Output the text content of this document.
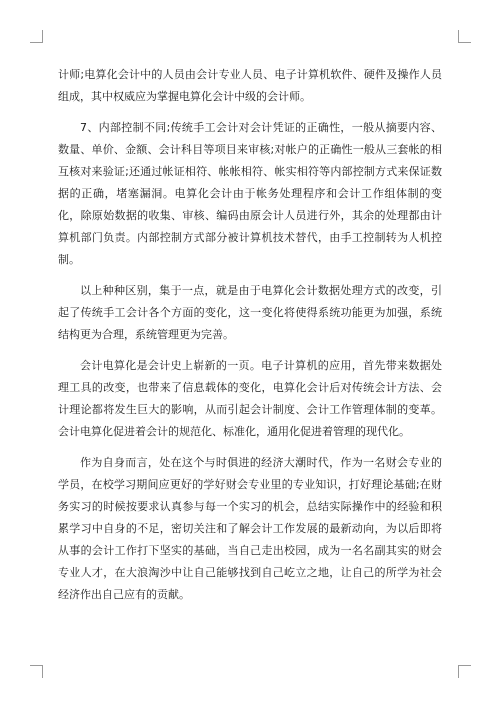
计师;电算化会计中的人员由会计专业人员、电子计算机软件、硬件及操作人员组成，其中权威应为掌握电算化会计中级的会计师。

7、内部控制不同;传统手工会计对会计凭证的正确性，一般从摘要内容、数量、单价、金额、会计科目等项目来审核;对帐户的正确性一般从三套帐的相互核对来验证;还通过帐证相符、帐帐相符、帐实相符等内部控制方式来保证数据的正确，堵塞漏洞。电算化会计由于帐务处理程序和会计工作组体制的变化，除原始数据的收集、审核、编码由原会计人员进行外，其余的处理都由计算机部门负责。内部控制方式部分被计算机技术替代，由手工控制转为人机控制。

以上种种区别，集于一点，就是由于电算化会计数据处理方式的改变，引起了传统手工会计各个方面的变化，这一变化将使得系统功能更为加强，系统结构更为合理，系统管理更为完善。

会计电算化是会计史上崭新的一页。电子计算机的应用，首先带来数据处理工具的改变，也带来了信息载体的变化，电算化会计后对传统会计方法、会计理论都将发生巨大的影响，从而引起会计制度、会计工作管理体制的变革。会计电算化促进着会计的规范化、标准化，通用化促进着管理的现代化。

作为自身而言，处在这个与时俱进的经济大潮时代，作为一名财会专业的学员，在校学习期间应更好的学好财会专业里的专业知识，打好理论基础;在财务实习的时候按要求认真参与每一个实习的机会，总结实际操作中的经验和积累学习中自身的不足，密切关注和了解会计工作发展的最新动向，为以后即将从事的会计工作打下坚实的基础，当自己走出校园，成为一名名副其实的财会专业人才，在大浪淘沙中让自己能够找到自己屹立之地，让自己的所学为社会经济作出自己应有的贡献。
